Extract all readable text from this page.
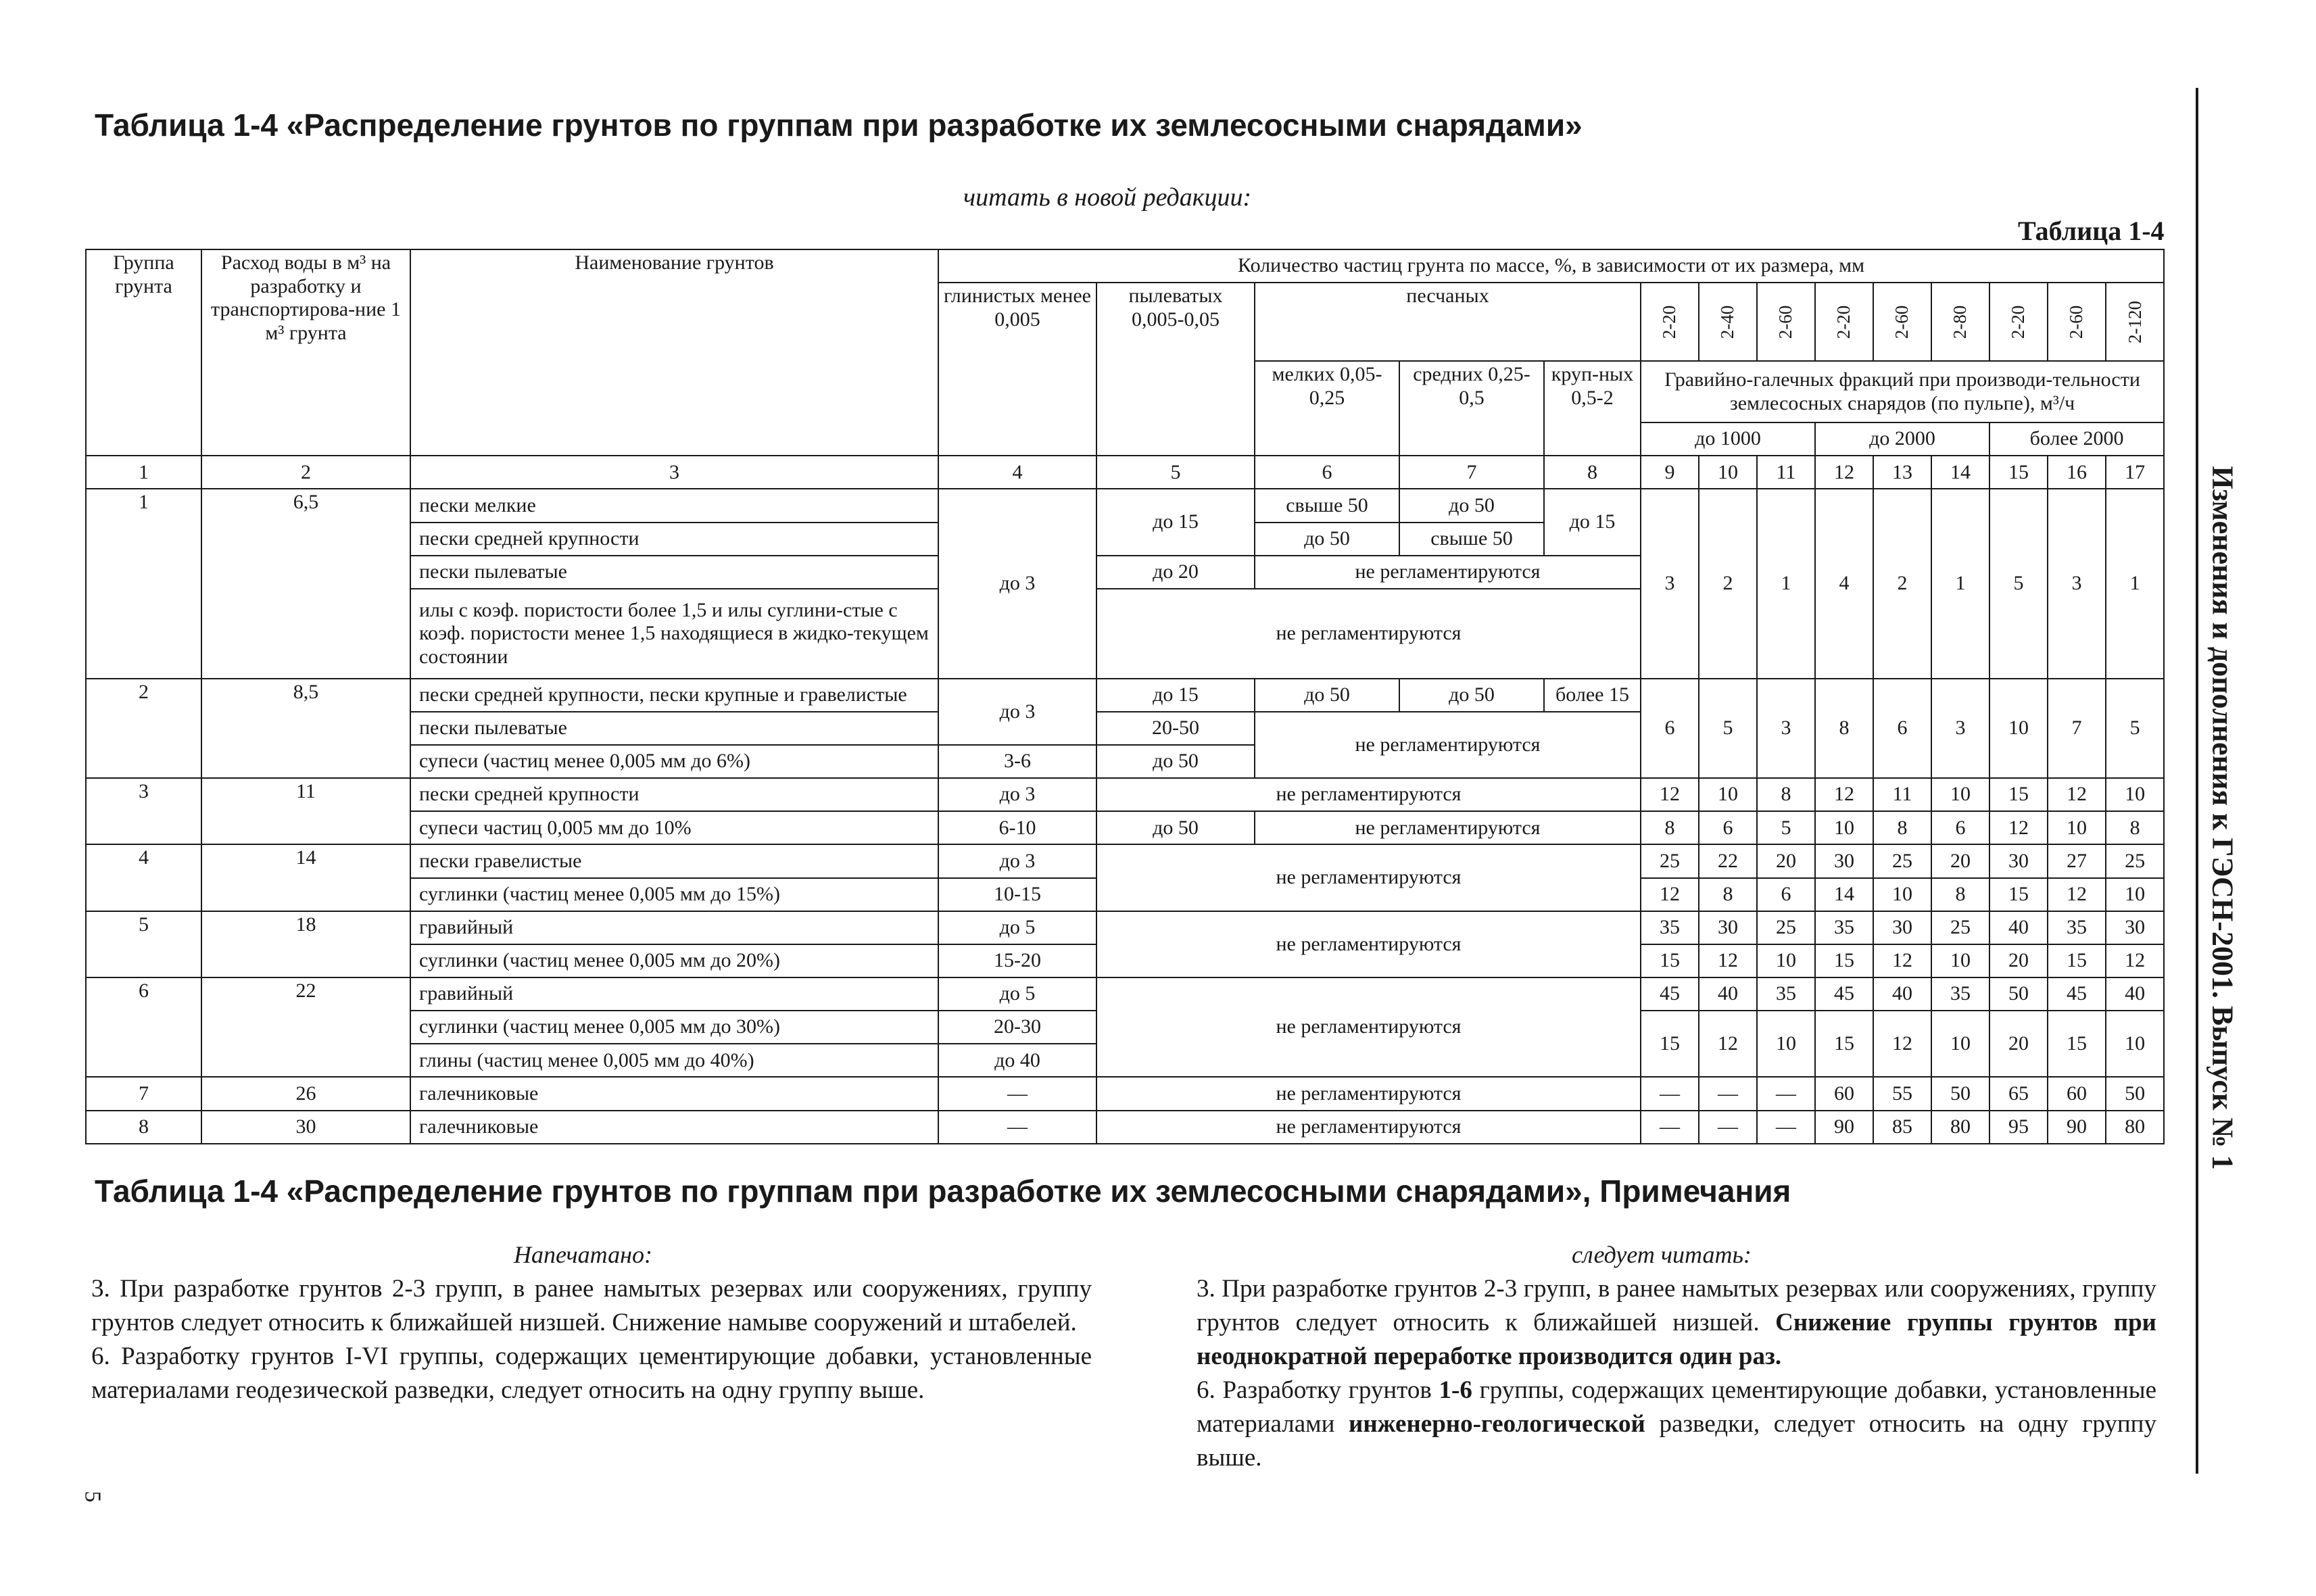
Таблица 1-4 «Распределение грунтов по группам при разработке их землесосными снарядами»
читать в новой редакции:
Таблица 1-4
Группа грунта	Расход воды в м³ на разработку и транспортирова-ние 1 м³ грунта	Наименование грунтов	Количество частиц грунта по массе, %, в зависимости от их размера, мм													
			глинистых менее 0,005	пылеватых 0,005-0,05	песчаных			2-20	2-40	2-60	2-20	2-60	2-80	2-20	2-60	2-120
					мелких 0,05-0,25	средних 0,25-0,5	круп-ных 0,5-2	Гравийно-галечных фракций при производи-тельности землесосных снарядов (по пульпе), м³/ч								
								до 1000			до 2000			более 2000		
1	2	3	4	5	6	7	8	9	10	11	12	13	14	15	16	17
1	6,5	пески мелкие	до 3	до 15	свыше 50	до 50	до 15	3	2	1	4	2	1	5	3	1
		пески средней крупности			до 50	свыше 50										
		пески пылеватые		до 20	не регламентируются											
		илы с коэф. пористости более 1,5 и илы суглини-стые с коэф. пористости менее 1,5 находящиеся в жидко-текущем состоянии		не регламентируются												
2	8,5	пески средней крупности, пески крупные и гравелистые	до 3	до 15	до 50	до 50	более 15	6	5	3	8	6	3	10	7	5
		пески пылеватые		20-50	не регламентируются											
		супеси (частиц менее 0,005 мм до 6%)	3-6	до 50												
3	11	пески средней крупности	до 3	не регламентируются				12	10	8	12	11	10	15	12	10
		супеси частиц 0,005 мм до 10%	6-10	до 50	не регламентируются			8	6	5	10	8	6	12	10	8
4	14	пески гравелистые	до 3	не регламентируются				25	22	20	30	25	20	30	27	25
		суглинки (частиц менее 0,005 мм до 15%)	10-15					12	8	6	14	10	8	15	12	10
5	18	гравийный	до 5	не регламентируются				35	30	25	35	30	25	40	35	30
		суглинки (частиц менее 0,005 мм до 20%)	15-20					15	12	10	15	12	10	20	15	12
6	22	гравийный	до 5	не регламентируются				45	40	35	45	40	35	50	45	40
		суглинки (частиц менее 0,005 мм до 30%)	20-30					15	12	10	15	12	10	20	15	10
		глины (частиц менее 0,005 мм до 40%)	до 40													
7	26	галечниковые	—	не регламентируются				—	—	—	60	55	50	65	60	50
8	30	галечниковые	—	не регламентируются				—	—	—	90	85	80	95	90	80
Таблица 1-4 «Распределение грунтов по группам при разработке их землесосными снарядами», Примечания
Напечатано:	следует читать:

3. При разработке грунтов 2-3 групп, в ранее намытых резервах или сооружениях, группу грунтов следует относить к ближайшей низшей. Снижение намыве сооружений и штабелей.

6. Разработку грунтов I-VI группы, содержащих цементирующие добавки, установленные материалами геодезической разведки, следует относить на одну группу выше.

3. При разработке грунтов 2-3 групп, в ранее намытых резервах или сооружениях, группу грунтов следует относить к ближайшей низшей. Снижение группы грунтов при неоднократной переработке производится один раз.

6. Разработку грунтов 1-6 группы, содержащих цементирующие добавки, установленные материалами инженерно-геологической разведки, следует относить на одну группу выше.

Изменения и дополнения к ГЭСН-2001. Выпуск № 1
5
